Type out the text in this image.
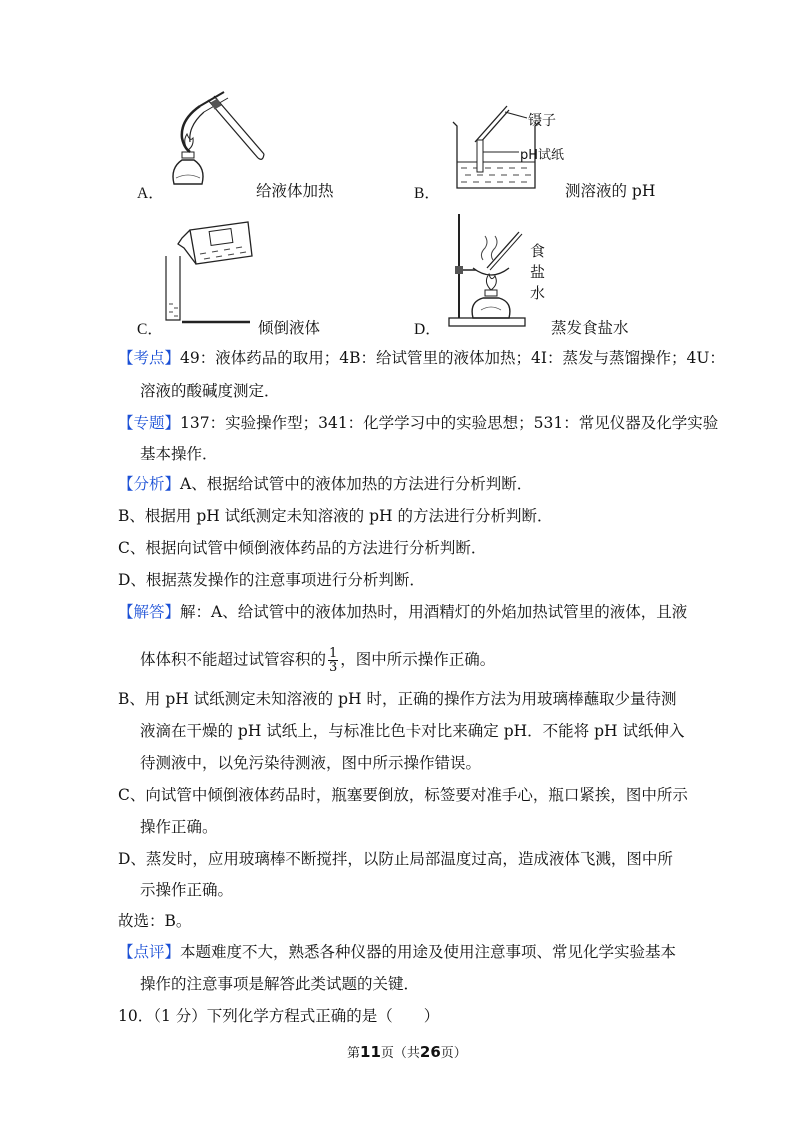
A．	给液体加热
镊子
pH试纸
B．	测溶液的 pH
C．	倾倒液体
食
盐
水
D．	蒸发食盐水
【考点】49：液体药品的取用；4B：给试管里的液体加热；4I：蒸发与蒸馏操作；4U：
溶液的酸碱度测定．
【专题】137：实验操作型；341：化学学习中的实验思想；531：常见仪器及化学实验
基本操作．
【分析】A、根据给试管中的液体加热的方法进行分析判断．
B、根据用 pH 试纸测定未知溶液的 pH 的方法进行分析判断．
C、根据向试管中倾倒液体药品的方法进行分析判断．
D、根据蒸发操作的注意事项进行分析判断．
【解答】解：A、给试管中的液体加热时，用酒精灯的外焰加热试管里的液体，且液
体体积不能超过试管容积的 $\frac{1}{3}$ ，图中所示操作正确。
B、用 pH 试纸测定未知溶液的 pH 时，正确的操作方法为用玻璃棒蘸取少量待测
液滴在干燥的 pH 试纸上，与标准比色卡对比来确定 pH．不能将 pH 试纸伸入
待测液中，以免污染待测液，图中所示操作错误。
C、向试管中倾倒液体药品时，瓶塞要倒放，标签要对准手心，瓶口紧挨，图中所示
操作正确。
D、蒸发时，应用玻璃棒不断搅拌，以防止局部温度过高，造成液体飞溅，图中所
示操作正确。
故选：B。
【点评】本题难度不大，熟悉各种仪器的用途及使用注意事项、常见化学实验基本
操作的注意事项是解答此类试题的关键．
10．（1 分）下列化学方程式正确的是（　　）
第11页（共26页）
